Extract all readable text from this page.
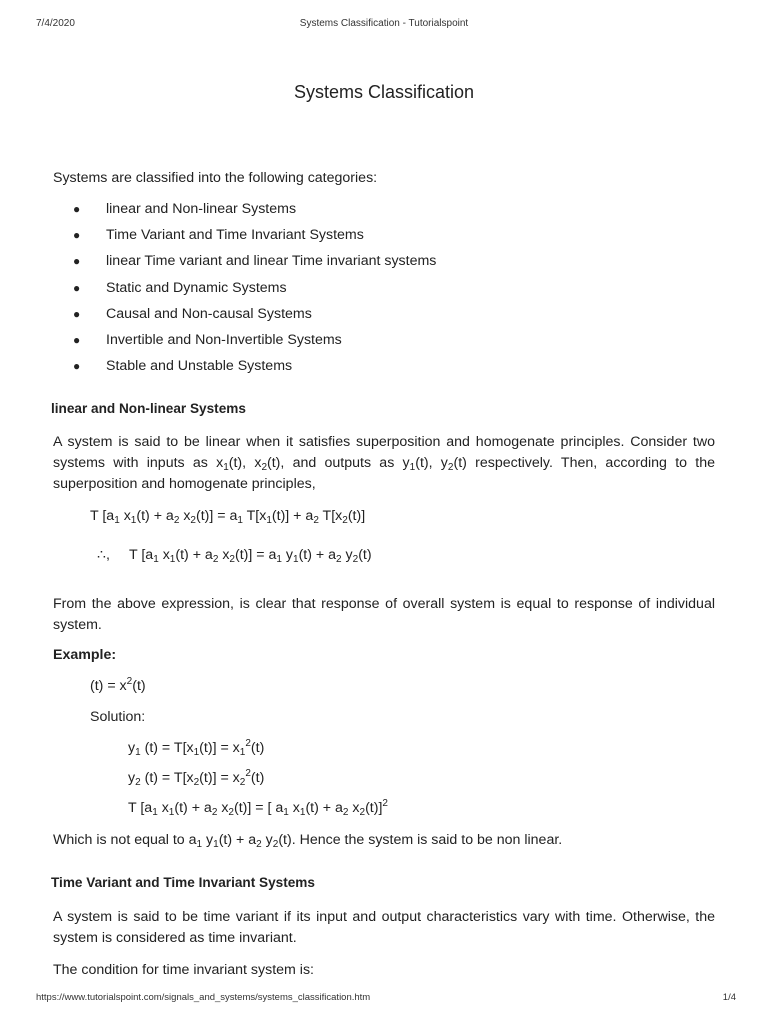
7/4/2020	Systems Classification - Tutorialspoint
Systems Classification
Systems are classified into the following categories:
● linear and Non-linear Systems
● Time Variant and Time Invariant Systems
● linear Time variant and linear Time invariant systems
● Static and Dynamic Systems
● Causal and Non-causal Systems
● Invertible and Non-Invertible Systems
● Stable and Unstable Systems
linear and Non-linear Systems
A system is said to be linear when it satisfies superposition and homogenate principles. Consider two systems with inputs as $x_1(t)$, $x_2(t)$, and outputs as $y_1(t)$, $y_2(t)$ respectively. Then, according to the superposition and homogenate principles,
T [$a_1$ $x_1(t) + a_2$ $x_2(t)] = a_1$ $T[x_1(t)] + a_2$ $T[x_2(t)]$
∴, T [$a_1$ $x_1(t) + a_2$ $x_2(t)] = a_1$ $y_1(t) + a_2$ $y_2(t)$
From the above expression, is clear that response of overall system is equal to response of individual system.
Example:
$(t) = x^2(t)$
Solution:
$y_1$ $(t) = T[x_1(t)] = x_1^2(t)$
$y_2$ $(t) = T[x_2(t)] = x_2^2(t)$
T [$a_1$ $x_1(t) + a_2$ $x_2(t)$] = [ $a_1$ $x_1(t) + a_2$ $x_2(t)]^2$
Which is not equal to $a_1$ $y_1(t) + a_2$ $y_2(t)$. Hence the system is said to be non linear.
Time Variant and Time Invariant Systems
A system is said to be time variant if its input and output characteristics vary with time. Otherwise, the system is considered as time invariant.
The condition for time invariant system is:
https://www.tutorialspoint.com/signals_and_systems/systems_classification.htm	1/4
